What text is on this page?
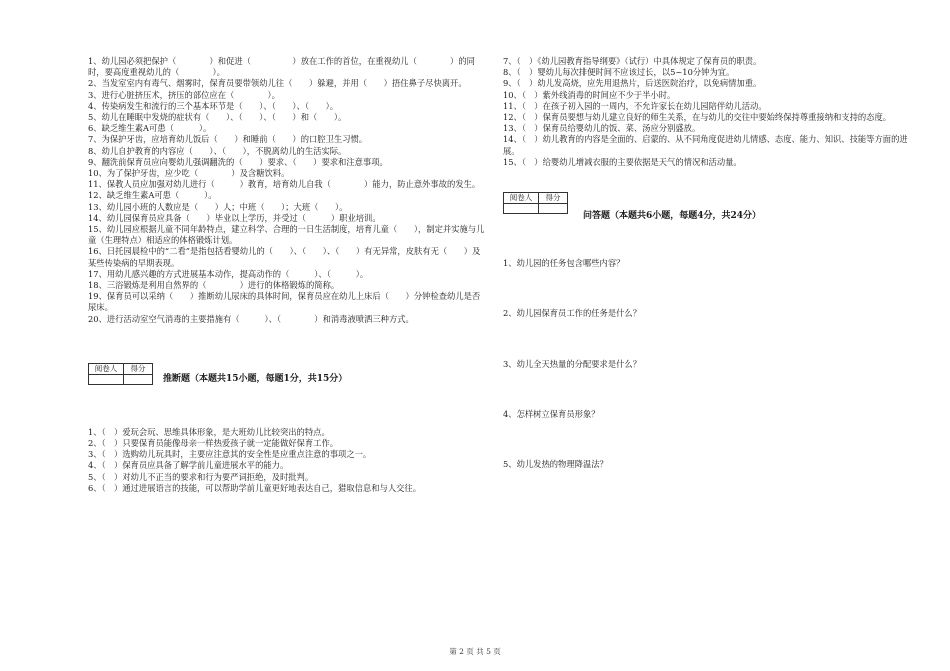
1、幼儿园必须把保护（　　　　）和促进（　　　　　）放在工作的首位，在重视幼儿（　　　　）的同时，要高度重视幼儿的（　　　　）。

2、当发室室内有毒气、烟雾时，保育员要带领幼儿往（　　）躲避，并用（　　）捂住鼻子尽快离开。

3、进行心脏挤压术，挤压的部位应在（　　　　）。

4、传染病发生和流行的三个基本环节是（　　）、（　　）、（　　）。

5、幼儿在睡眠中发烧的症状有（　　）、（　　）、（　　）和（　　）。

6、缺乏维生素A可患（　　　）。

7、为保护牙齿，应培育幼儿饭后（　　）和睡前（　　）的口腔卫生习惯。

8、幼儿自护教育的内容应（　　）、（　　），不脱离幼儿的生活实际。

9、翻洗前保育员应向婴幼儿强调翻洗的（　　）要求、（　　）要求和注意事项。

10、为了保护牙齿，应少吃（　　　　）及含糖饮料。

11、保教人员应加强对幼儿进行（　　　）教育，培育幼儿自我（　　　　）能力，防止意外事故的发生。

12、缺乏维生素A可患（　　　）。

13、幼儿园小班的人数应是（　　）人；中班（　　）；大班（　　）。

14、幼儿园保育员应具备（　　）毕业以上学历，并受过（　　　）职业培训。

15、幼儿园应根据儿童不同年龄特点，建立科学、合理的一日生活制度，培育儿童（　　），制定并实施与儿童（生理特点）相适应的体格锻炼计划。

16、日托园晨检中的“二看”是指包括看婴幼儿的（　　）、（　　）、（　　）有无异常，皮肤有无（　　）及某些传染病的早期表现。

17、用幼儿感兴趣的方式进展基本动作，提高动作的（　　　）、（　　　）。

18、三浴锻炼是利用自然界的（　　　　）进行的体格锻炼的简称。

19、保育员可以采纳（　　）推断幼儿尿床的具体时间，保育员应在幼儿上床后（　　）分钟检查幼儿是否尿床。

20、进行活动室空气消毒的主要措施有（　　　）、（　　　　）和消毒液喷洒三种方式。

阅卷人	得分

推断题（本题共15小题，每题1分，共15分）

1、（　）爱玩会玩、思维具体形象，是大班幼儿比较突出的特点。

2、（　）只要保育员能像母亲一样热爱孩子就一定能做好保育工作。

3、（　）选购幼儿玩具时，主要应注意其的安全性是应重点注意的事项之一。

4、（　）保育员应具备了解学前儿童进展水平的能力。

5、（　）对幼儿不正当的要求和行为要严词拒绝，及时批判。

6、（　）通过进展语言的技能，可以帮助学前儿童更好地表达自己，猎取信息和与人交往。

7、（　）《幼儿园教育指导纲要》（试行）中具体规定了保育员的职责。

8、（　）婴幼儿每次排便时间不应该过长，以5~10分钟为宜。

9、（　）幼儿发高烧，应先用退热片，后送医院治疗，以免病情加重。

10、（　）紫外线消毒的时间应不少于半小时。

11、（　）在孩子初入园的一周内，不允许家长在幼儿园陪伴幼儿活动。

12、（　）保育员要想与幼儿建立良好的师生关系，在与幼儿的交往中要始终保持尊重接纳和支持的态度。

13、（　）保育员给婴幼儿的饭、菜、汤应分别盛放。

14、（　）幼儿教育的内容是全面的、启蒙的、从不同角度促进幼儿情感、态度、能力、知识、技能等方面的进展。

15、（　）给婴幼儿增减衣服的主要依据是天气的情况和活动量。

阅卷人	得分

问答题（本题共6小题，每题4分，共24分）

1、幼儿园的任务包含哪些内容？

2、幼儿园保育员工作的任务是什么？

3、幼儿全天热量的分配要求是什么？

4、怎样树立保育员形象？

5、幼儿发热的物理降温法？

第 2 页 共 5 页
